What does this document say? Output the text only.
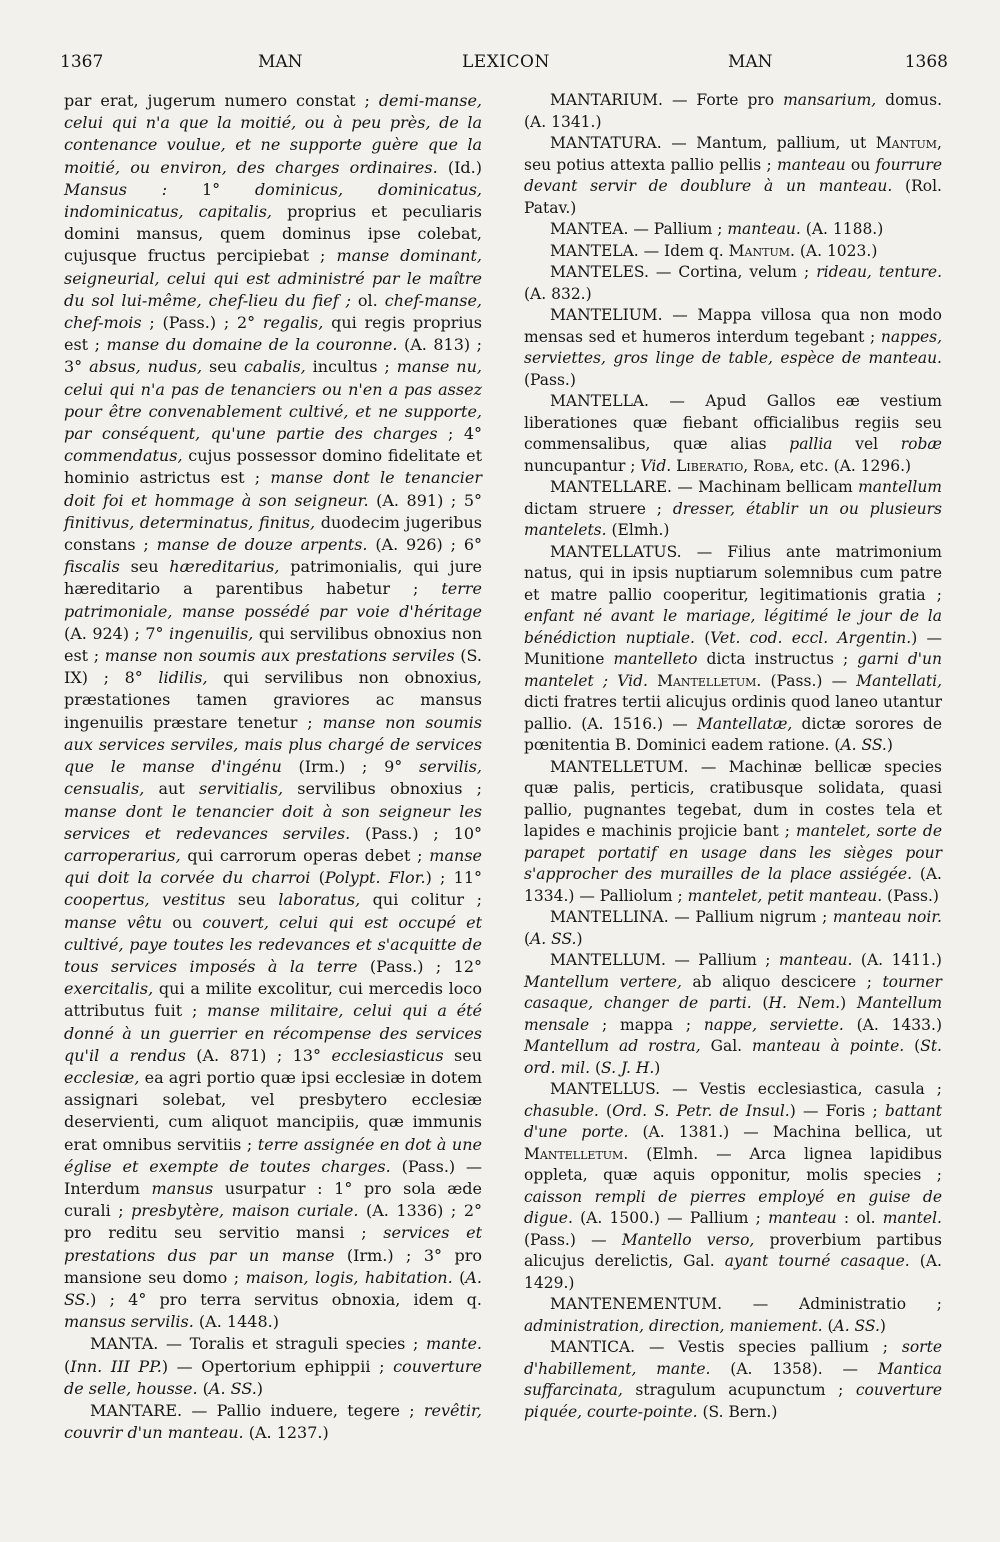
1367	MAN	LEXICON	MAN	1368

par erat, jugerum numero constat ; demi-manse, celui qui n'a que la moitié, ou à peu près, de la contenance voulue, et ne supporte guère que la moitié, ou environ, des charges ordinaires. (Id.) Mansus : 1° dominicus, dominicatus, indominicatus, capitalis, proprius et peculiaris domini mansus, quem dominus ipse colebat, cujusque fructus percipiebat ; manse dominant, seigneurial, celui qui est administré par le maître du sol lui-même, chef-lieu du fief ; ol. chef-manse, chef-mois ; (Pass.) ; 2° regalis, qui regis proprius est ; manse du domaine de la couronne. (A. 813) ; 3° absus, nudus, seu cabalis, incultus ; manse nu, celui qui n'a pas de tenanciers ou n'en a pas assez pour être convenablement cultivé, et ne supporte, par conséquent, qu'une partie des charges ; 4° commendatus, cujus possessor domino fidelitate et hominio astrictus est ; manse dont le tenancier doit foi et hommage à son seigneur. (A. 891) ; 5° finitivus, determinatus, finitus, duodecim jugeribus constans ; manse de douze arpents. (A. 926) ; 6° fiscalis seu hæreditarius, patrimonialis, qui jure hæreditario a parentibus habetur ; terre patrimoniale, manse possédé par voie d'héritage (A. 924) ; 7° ingenuilis, qui servilibus obnoxius non est ; manse non soumis aux prestations serviles (S. IX) ; 8° lidilis, qui servilibus non obnoxius, præstationes tamen graviores ac mansus ingenuilis præstare tenetur ; manse non soumis aux services serviles, mais plus chargé de services que le manse d'ingénu (Irm.) ; 9° servilis, censualis, aut servitialis, servilibus obnoxius ; manse dont le tenancier doit à son seigneur les services et redevances serviles. (Pass.) ; 10° carroperarius, qui carrorum operas debet ; manse qui doit la corvée du charroi (Polypt. Flor.) ; 11° coopertus, vestitus seu laboratus, qui colitur ; manse vêtu ou couvert, celui qui est occupé et cultivé, paye toutes les redevances et s'acquitte de tous services imposés à la terre (Pass.) ; 12° exercitalis, qui a milite excolitur, cui mercedis loco attributus fuit ; manse militaire, celui qui a été donné à un guerrier en récompense des services qu'il a rendus (A. 871) ; 13° ecclesiasticus seu ecclesiæ, ea agri portio quæ ipsi ecclesiæ in dotem assignari solebat, vel presbytero ecclesiæ deservienti, cum aliquot mancipiis, quæ immunis erat omnibus servitiis ; terre assignée en dot à une église et exempte de toutes charges. (Pass.) — Interdum mansus usurpatur : 1° pro sola æde curali ; presbytère, maison curiale. (A. 1336) ; 2° pro reditu seu servitio mansi ; services et prestations dus par un manse (Irm.) ; 3° pro mansione seu domo ; maison, logis, habitation. (A. SS.) ; 4° pro terra servitus obnoxia, idem q. mansus servilis. (A. 1448.)

MANTA. — Toralis et straguli species ; mante. (Inn. III PP.) — Opertorium ephippii ; couverture de selle, housse. (A. SS.)

MANTARE. — Pallio induere, tegere ; revêtir, couvrir d'un manteau. (A. 1237.)

MANTARIUM. — Forte pro mansarium, domus. (A. 1341.)

MANTATURA. — Mantum, pallium, ut Mantum, seu potius attexta pallio pellis ; manteau ou fourrure devant servir de doublure à un manteau. (Rol. Patav.)

MANTEA. — Pallium ; manteau. (A. 1188.)

MANTELA. — Idem q. Mantum. (A. 1023.)

MANTELES. — Cortina, velum ; rideau, tenture. (A. 832.)

MANTELIUM. — Mappa villosa qua non modo mensas sed et humeros interdum tegebant ; nappes, serviettes, gros linge de table, espèce de manteau. (Pass.)

MANTELLA. — Apud Gallos eæ vestium liberationes quæ fiebant officialibus regiis seu commensalibus, quæ alias pallia vel robæ nuncupantur ; Vid. Liberatio, Roba, etc. (A. 1296.)

MANTELLARE. — Machinam bellicam mantellum dictam struere ; dresser, établir un ou plusieurs mantelets. (Elmh.)

MANTELLATUS. — Filius ante matrimonium natus, qui in ipsis nuptiarum solemnibus cum patre et matre pallio cooperitur, legitimationis gratia ; enfant né avant le mariage, légitimé le jour de la bénédiction nuptiale. (Vet. cod. eccl. Argentin.) — Munitione mantelleto dicta instructus ; garni d'un mantelet ; Vid. Mantelletum. (Pass.) — Mantellati, dicti fratres tertii alicujus ordinis quod laneo utantur pallio. (A. 1516.) — Mantellatæ, dictæ sorores de pœnitentia B. Dominici eadem ratione. (A. SS.)

MANTELLETUM. — Machinæ bellicæ species quæ palis, perticis, cratibusque solidata, quasi pallio, pugnantes tegebat, dum in costes tela et lapides e machinis projicie bant ; mantelet, sorte de parapet portatif en usage dans les sièges pour s'approcher des murailles de la place assiégée. (A. 1334.) — Palliolum ; mantelet, petit manteau. (Pass.)

MANTELLINA. — Pallium nigrum ; manteau noir. (A. SS.)

MANTELLUM. — Pallium ; manteau. (A. 1411.) Mantellum vertere, ab aliquo descicere ; tourner casaque, changer de parti. (H. Nem.) Mantellum mensale ; mappa ; nappe, serviette. (A. 1433.) Mantellum ad rostra, Gal. manteau à pointe. (St. ord. mil. (S. J. H.)

MANTELLUS. — Vestis ecclesiastica, casula ; chasuble. (Ord. S. Petr. de Insul.) — Foris ; battant d'une porte. (A. 1381.) — Machina bellica, ut Mantelletum. (Elmh. — Arca lignea lapidibus oppleta, quæ aquis opponitur, molis species ; caisson rempli de pierres employé en guise de digue. (A. 1500.) — Pallium ; manteau : ol. mantel. (Pass.) — Mantello verso, proverbium partibus alicujus derelictis, Gal. ayant tourné casaque. (A. 1429.)

MANTENEMENTUM. — Administratio ; administration, direction, maniement. (A. SS.)

MANTICA. — Vestis species pallium ; sorte d'habillement, mante. (A. 1358). — Mantica suffarcinata, stragulum acupunctum ; couverture piquée, courte-pointe. (S. Bern.)
